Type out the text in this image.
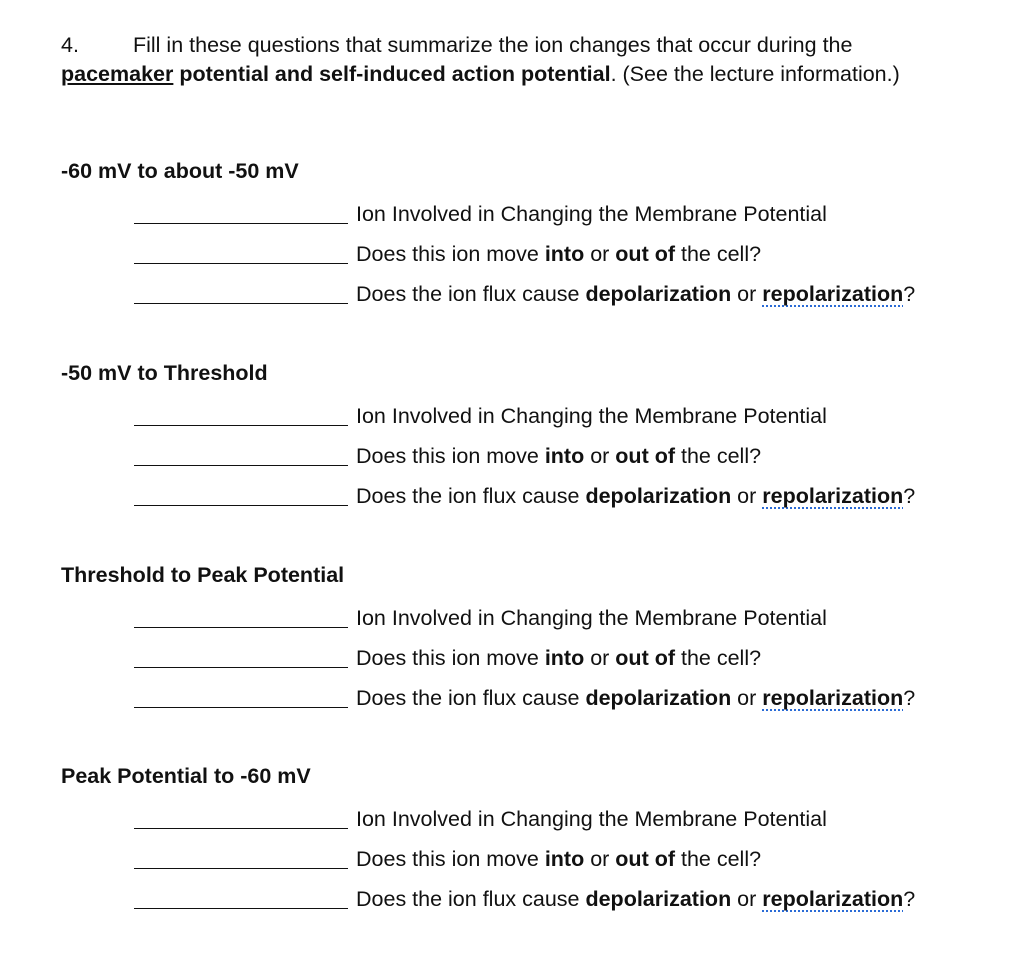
4.	Fill in these questions that summarize the ion changes that occur during the
pacemaker potential and self-induced action potential. (See the lecture information.)
-60 mV to about -50 mV
Ion Involved in Changing the Membrane Potential
Does this ion move into or out of the cell?
Does the ion flux cause depolarization or repolarization?
-50 mV to Threshold
Ion Involved in Changing the Membrane Potential
Does this ion move into or out of the cell?
Does the ion flux cause depolarization or repolarization?
Threshold to Peak Potential
Ion Involved in Changing the Membrane Potential
Does this ion move into or out of the cell?
Does the ion flux cause depolarization or repolarization?
Peak Potential to -60 mV
Ion Involved in Changing the Membrane Potential
Does this ion move into or out of the cell?
Does the ion flux cause depolarization or repolarization?
